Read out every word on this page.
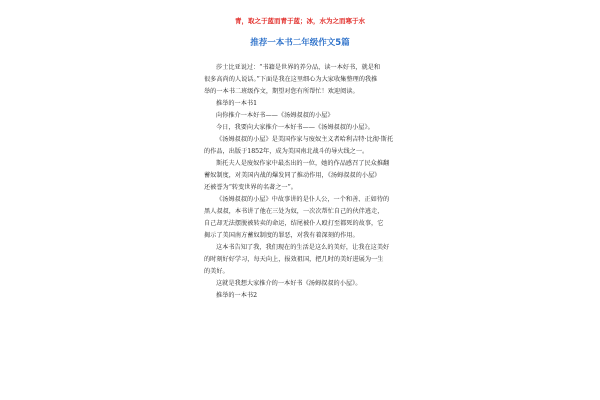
青，取之于蓝而青于蓝；冰，水为之而寒于水
推荐一本书二年级作文5篇

莎士比亚说过：“书籍是世界的养分品，读一本好书，就是和

很多高尚的人说话。”下面是我在这里细心为大家收集整理的我推

举的一本书二班级作文，期望对您有所帮忙！欢迎阅读。

推举的一本书1

向你推介一本好书——《汤姆叔叔的小屋》

今日，我要向大家推介一本好书——《汤姆叔叔的小屋》。

《汤姆叔叔的小屋》是美国作家与废奴主义者哈利吉特·比彻·斯托

的作品，出版于1852年，成为美国南北战斗的导火线之一。

斯托夫人是废奴作家中最杰出的一位，她的作品感召了民众推翻

蓄奴制度，对美国内战的爆发同了推动作用，《汤姆叔叔的小屋》

还被誉为“转变世界的名著之一”。

《汤姆叔叔的小屋》中故事讲的是仆人公，一个和善、正如待的

黑人叔叔，本书讲了他在三处为奴，一次次帮忙自己的伙伴逃走，

自己却无法摆脱被转卖的命运，结尾被仆人殴打至都死的故事，它

揭示了美国南方蓄奴制度的罪恶，对我有着深刻的作用。

这本书告知了我，我们现在的生活是这么的美好，让我在这美好

的时刻好好学习，每天向上，报效祖国，把几时的美好进展为一生

的美好。

这就是我想大家推介的一本好书《汤姆叔叔的小屋》。

推举的一本书2
